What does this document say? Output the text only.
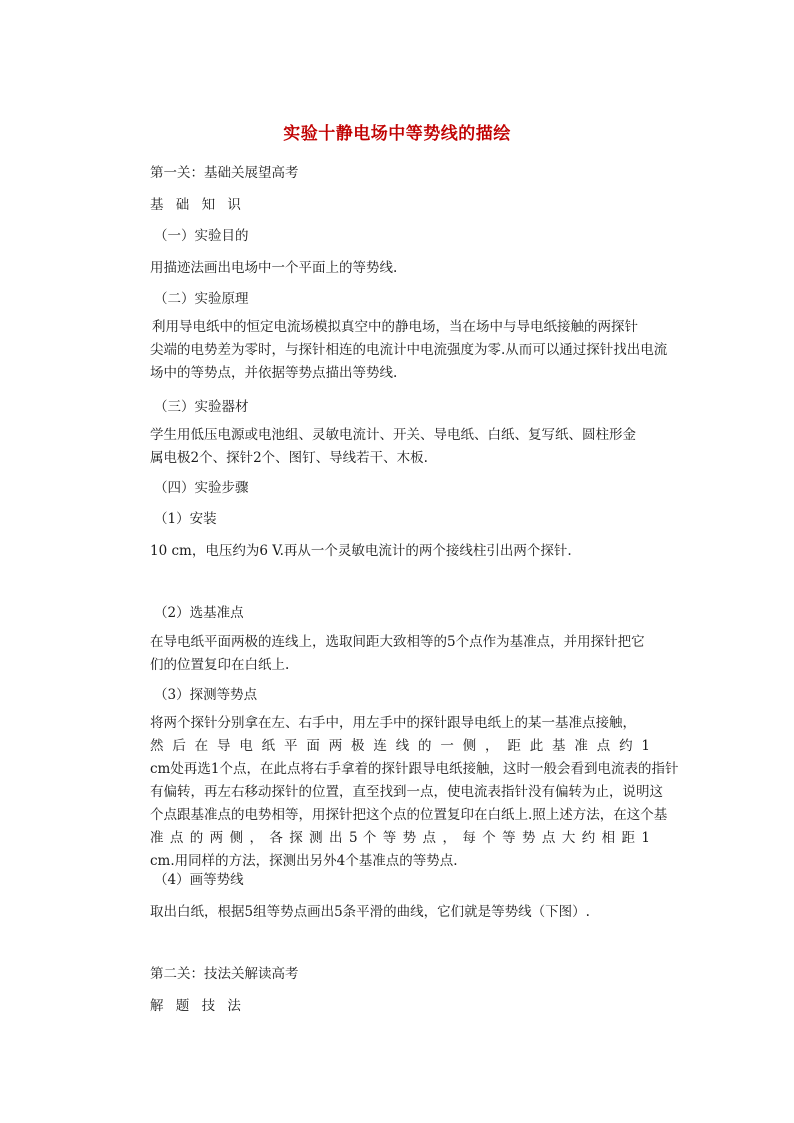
实验十静电场中等势线的描绘

第一关：基础关展望高考

基 础 知 识

（一）实验目的

用描迹法画出电场中一个平面上的等势线.

（二）实验原理

利用导电纸中的恒定电流场模拟真空中的静电场，当在场中与导电纸接触的两探针
尖端的电势差为零时，与探针相连的电流计中电流强度为零.从而可以通过探针找出电流
场中的等势点，并依据等势点描出等势线.

（三）实验器材

学生用低压电源或电池组、灵敏电流计、开关、导电纸、白纸、复写纸、圆柱形金
属电极2个、探针2个、图钉、导线若干、木板.

（四）实验步骤

（1）安装

10 cm，电压约为6 V.再从一个灵敏电流计的两个接线柱引出两个探针.

（2）选基准点

在导电纸平面两极的连线上，选取间距大致相等的5个点作为基准点，并用探针把它
们的位置复印在白纸上.

（3）探测等势点

将两个探针分别拿在左、右手中，用左手中的探针跟导电纸上的某一基准点接触，
然 后 在 导 电 纸 平 面 两 极 连 线 的 一 侧 ， 距 此 基 准 点 约 1
cm处再选1个点，在此点将右手拿着的探针跟导电纸接触，这时一般会看到电流表的指针
有偏转，再左右移动探针的位置，直至找到一点，使电流表指针没有偏转为止，说明这
个点跟基准点的电势相等，用探针把这个点的位置复印在白纸上.照上述方法，在这个基
准 点 的 两 侧 ， 各 探 测 出 5 个 等 势 点 ， 每 个 等 势 点 大 约 相 距 1
cm.用同样的方法，探测出另外4个基准点的等势点.

（4）画等势线

取出白纸，根据5组等势点画出5条平滑的曲线，它们就是等势线（下图）.

第二关：技法关解读高考

解 题 技 法
